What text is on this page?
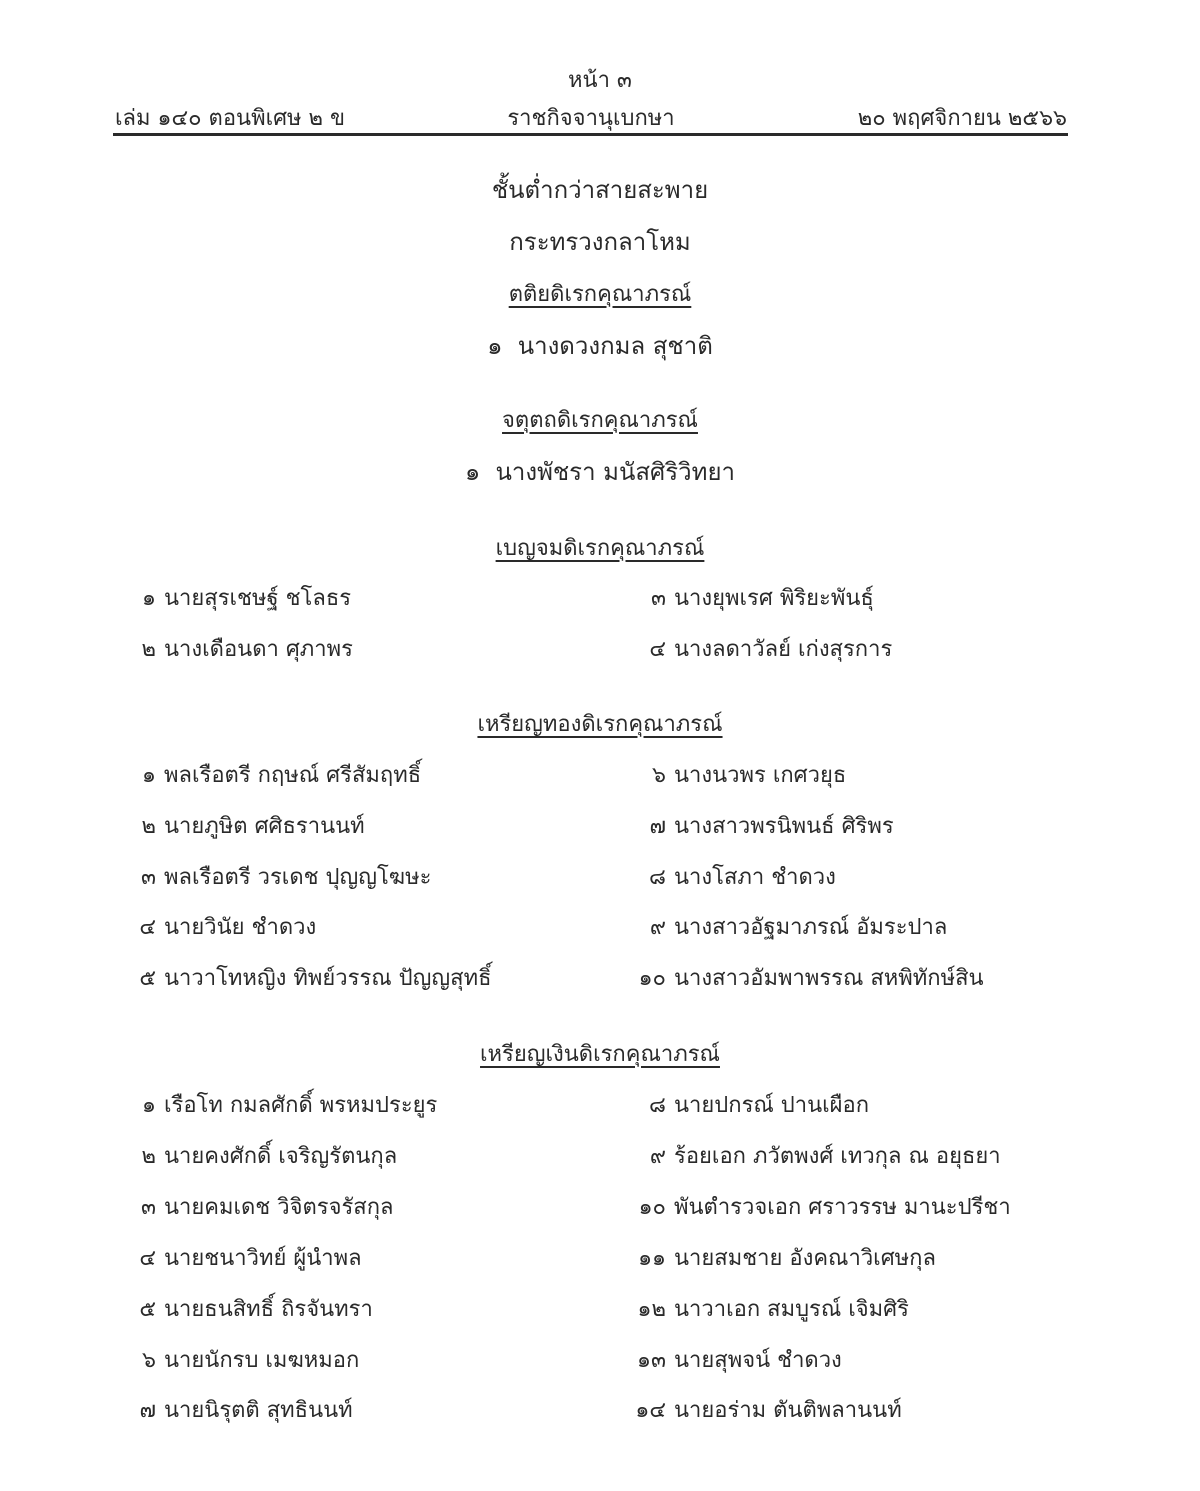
หน้า ๓
เล่ม ๑๔๐ ตอนพิเศษ ๒ ข	ราชกิจจานุเบกษา	๒๐ พฤศจิกายน ๒๕๖๖
ชั้นต่ำกว่าสายสะพาย
กระทรวงกลาโหม
ตติยดิเรกคุณาภรณ์
๑ นางดวงกมล สุชาติ
จตุตถดิเรกคุณาภรณ์
๑ นางพัชรา มนัสศิริวิทยา
เบญจมดิเรกคุณาภรณ์
๑ นายสุรเชษฐ์ ชโลธร
๒ นางเดือนดา ศุภาพร
๓ นางยุพเรศ พิริยะพันธุ์
๔ นางลดาวัลย์ เก่งสุรการ
เหรียญทองดิเรกคุณาภรณ์
๑ พลเรือตรี กฤษณ์ ศรีสัมฤทธิ์
๒ นายภูษิต ศศิธรานนท์
๓ พลเรือตรี วรเดช ปุญญโฆษะ
๔ นายวินัย ชำดวง
๕ นาวาโทหญิง ทิพย์วรรณ ปัญญสุทธิ์
๖ นางนวพร เกศวยุธ
๗ นางสาวพรนิพนธ์ ศิริพร
๘ นางโสภา ชำดวง
๙ นางสาวอัฐมาภรณ์ อัมระปาล
๑๐ นางสาวอัมพาพรรณ สหพิทักษ์สิน
เหรียญเงินดิเรกคุณาภรณ์
๑ เรือโท กมลศักดิ์ พรหมประยูร
๒ นายคงศักดิ์ เจริญรัตนกุล
๓ นายคมเดช วิจิตรจรัสกุล
๔ นายชนาวิทย์ ผู้นำพล
๕ นายธนสิทธิ์ ถิรจันทรา
๖ นายนักรบ เมฆหมอก
๗ นายนิรุตติ สุทธินนท์
๘ นายปกรณ์ ปานเผือก
๙ ร้อยเอก ภวัตพงศ์ เทวกุล ณ อยุธยา
๑๐ พันตำรวจเอก ศราวรรษ มานะปรีชา
๑๑ นายสมชาย อังคณาวิเศษกุล
๑๒ นาวาเอก สมบูรณ์ เจิมศิริ
๑๓ นายสุพจน์ ชำดวง
๑๔ นายอร่าม ตันติพลานนท์
